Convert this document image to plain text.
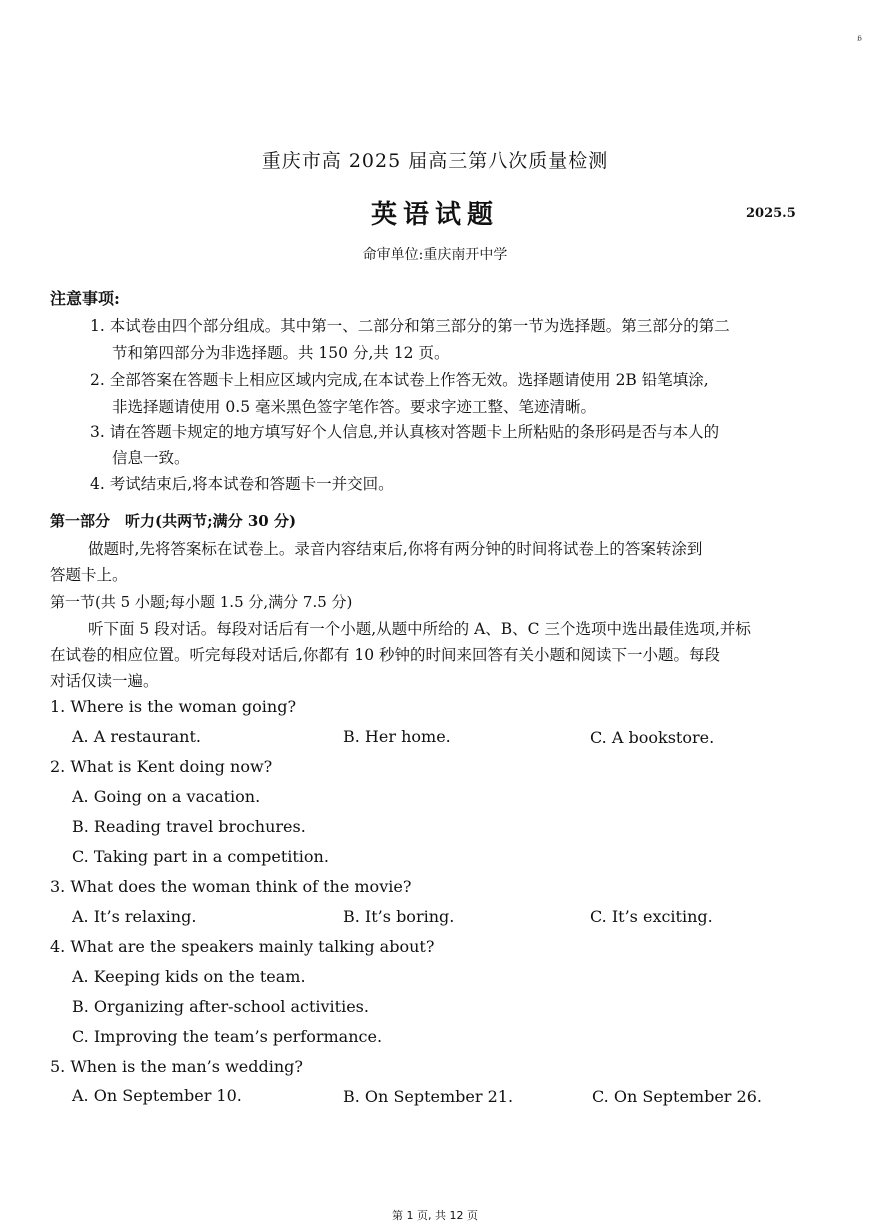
ᵍ
重庆市高 2025 届高三第八次质量检测
英语试题	2025.5
命审单位:重庆南开中学
注意事项:
1. 本试卷由四个部分组成。其中第一、二部分和第三部分的第一节为选择题。第三部分的第二
节和第四部分为非选择题。共 150 分,共 12 页。
2. 全部答案在答题卡上相应区域内完成,在本试卷上作答无效。选择题请使用 2B 铅笔填涂,
非选择题请使用 0.5 毫米黑色签字笔作答。要求字迹工整、笔迹清晰。
3. 请在答题卡规定的地方填写好个人信息,并认真核对答题卡上所粘贴的条形码是否与本人的
信息一致。
4. 考试结束后,将本试卷和答题卡一并交回。
第一部分　听力(共两节;满分 30 分)
做题时,先将答案标在试卷上。录音内容结束后,你将有两分钟的时间将试卷上的答案转涂到
答题卡上。
第一节(共 5 小题;每小题 1.5 分,满分 7.5 分)
听下面 5 段对话。每段对话后有一个小题,从题中所给的 A、B、C 三个选项中选出最佳选项,并标
在试卷的相应位置。听完每段对话后,你都有 10 秒钟的时间来回答有关小题和阅读下一小题。每段
对话仅读一遍。
1. Where is the woman going?
A. A restaurant.	B. Her home.	C. A bookstore.
2. What is Kent doing now?
A. Going on a vacation.
B. Reading travel brochures.
C. Taking part in a competition.
3. What does the woman think of the movie?
A. It’s relaxing.	B. It’s boring.	C. It’s exciting.
4. What are the speakers mainly talking about?
A. Keeping kids on the team.
B. Organizing after-school activities.
C. Improving the team’s performance.
5. When is the man’s wedding?
A. On September 10.	B. On September 21.	C. On September 26.
第 1 页, 共 12 页
